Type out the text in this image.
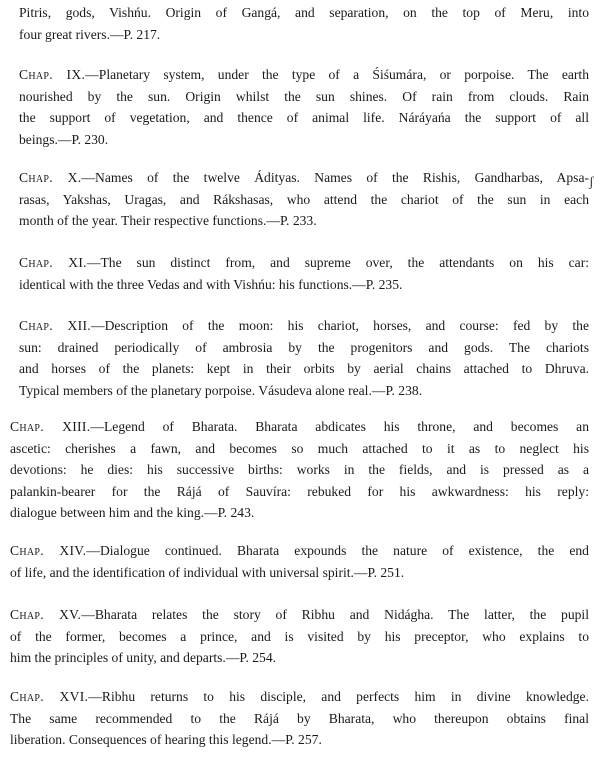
Pitris, gods, Vishńu. Origin of Gangá, and separation, on the top of Meru, into
four great rivers.—P. 217.
Chap. IX.—Planetary system, under the type of a Śiśumára, or porpoise. The earth
nourished by the sun. Origin whilst the sun shines. Of rain from clouds. Rain
the support of vegetation, and thence of animal life. Náráyańa the support of all
beings.—P. 230.
Chap. X.—Names of the twelve Ádityas. Names of the Rishis, Gandharbas, Apsa-
rasas, Yakshas, Uragas, and Rákshasas, who attend the chariot of the sun in each
month of the year. Their respective functions.—P. 233.
ʃ
Chap. XI.—The sun distinct from, and supreme over, the attendants on his car:
identical with the three Vedas and with Vishńu: his functions.—P. 235.
Chap. XII.—Description of the moon: his chariot, horses, and course: fed by the
sun: drained periodically of ambrosia by the progenitors and gods. The chariots
and horses of the planets: kept in their orbits by aerial chains attached to Dhruva.
Typical members of the planetary porpoise. Vásudeva alone real.—P. 238.
Chap. XIII.—Legend of Bharata. Bharata abdicates his throne, and becomes an
ascetic: cherishes a fawn, and becomes so much attached to it as to neglect his
devotions: he dies: his successive births: works in the fields, and is pressed as a
palankin-bearer for the Rájá of Sauvíra: rebuked for his awkwardness: his reply:
dialogue between him and the king.—P. 243.
Chap. XIV.—Dialogue continued. Bharata expounds the nature of existence, the end
of life, and the identification of individual with universal spirit.—P. 251.
Chap. XV.—Bharata relates the story of Ribhu and Nidágha. The latter, the pupil
of the former, becomes a prince, and is visited by his preceptor, who explains to
him the principles of unity, and departs.—P. 254.
Chap. XVI.—Ribhu returns to his disciple, and perfects him in divine knowledge.
The same recommended to the Rájá by Bharata, who thereupon obtains final
liberation. Consequences of hearing this legend.—P. 257.
